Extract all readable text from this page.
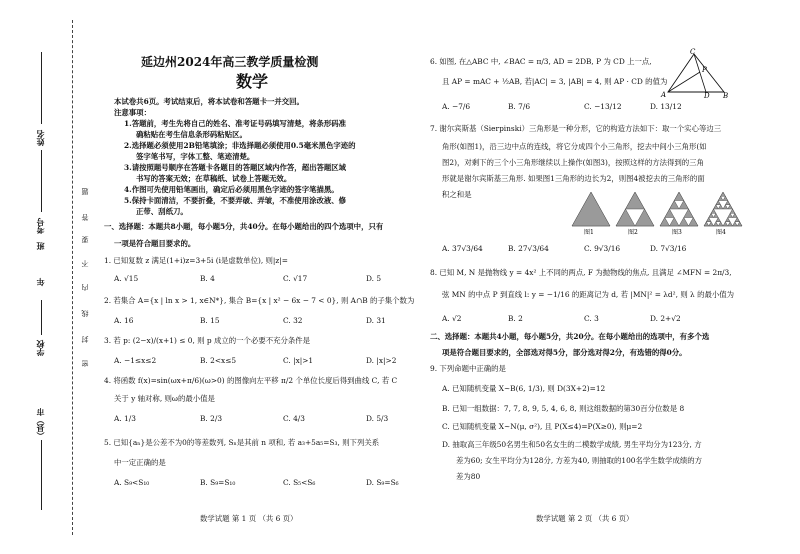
姓名
考号
班
年
学校
（县）市
题
答
要
不
内
线
封
密
延边州2024年高三教学质量检测
数学
本试卷共6页。考试结束后，将本试卷和答题卡一并交回。
注意事项：
1.答题前，考生先将自己的姓名、准考证号码填写清楚，将条形码准
确粘贴在考生信息条形码粘贴区。
2.选择题必须使用2B铅笔填涂；非选择题必须使用0.5毫米黑色字迹的
签字笔书写，字体工整、笔迹清楚。
3.请按照题号顺序在答题卡各题目的答题区域内作答，超出答题区域
书写的答案无效；在草稿纸、试卷上答题无效。
4.作图可先使用铅笔画出，确定后必须用黑色字迹的签字笔描黑。
5.保持卡面清洁，不要折叠，不要弄破、弄皱，不准使用涂改液、修
正带、刮纸刀。
一、选择题：本题共8小题，每小题5分，共40分。在每小题给出的四个选项中，只有
一项是符合题目要求的。
1. 已知复数 z 满足(1+i)z=3+5i (i是虚数单位), 则|z|=
A. √15	B. 4	C. √17	D. 5
2. 若集合 A={x | ln x > 1, x∈N*}, 集合 B={x | x² − 6x − 7 < 0}, 则 A∩B 的子集个数为
A. 16	B. 15	C. 32	D. 31
3. 若 p: (2−x)/(x+1) ≤ 0, 则 p 成立的一个必要不充分条件是
A. −1≤x≤2	B. 2<x≤5	C. |x|>1	D. |x|>2
4. 将函数 f(x)=sin(ωx+π/6)(ω>0) 的图像向左平移 π/2 个单位长度后得到曲线 C, 若 C
关于 y 轴对称, 则ω的最小值是
A. 1/3	B. 2/3	C. 4/3	D. 5/3
5. 已知{aₙ}是公差不为0的等差数列, Sₙ是其前 n 项和, 若 a₃+5a₅=S₃, 则下列关系
中一定正确的是
A. S₉<S₁₀	B. S₉=S₁₀	C. S₅<S₆	D. S₉=S₆
数学试题 第 1 页 （共 6 页）
6. 如图, 在△ABC 中, ∠BAC = π/3, AD = 2DB, P 为 CD 上一点,
且 AP = mAC + ½AB, 若|AC| = 3, |AB| = 4, 则 AP · CD 的值为
A. −7/6	B. 7/6	C. −13/12	D. 13/12
C
P
A	D B
7. 谢尔宾斯基（Sierpinski）三角形是一种分形，它的构造方法如下：取一个实心等边三
角形(如图1)，沿三边中点的连线，将它分成四个小三角形，挖去中间小三角形(如
图2)，对剩下的三个小三角形继续以上操作(如图3)，按照这样的方法得到的三角
形就是谢尔宾斯基三角形. 如果图1三角形的边长为2，则图4被挖去的三角形的面
积之和是
图1	图2	图3	图4
A. 37√3/64	B. 27√3/64	C. 9√3/16	D. 7√3/16
8. 已知 M, N 是抛物线 y = 4x² 上不同的两点, F 为抛物线的焦点, 且满足 ∠MFN = 2π/3,
弦 MN 的中点 P 到直线 l: y = −1/16 的距离记为 d, 若 |MN|² = λd², 则 λ 的最小值为
A. √2	B. 2	C. 3	D. 2+√2
二、选择题：本题共4小题，每小题5分，共20分。在每小题给出的选项中，有多个选
项是符合题目要求的，全部选对得5分，部分选对得2分，有选错的得0分。
9. 下列命题中正确的是
A. 已知随机变量 X~B(6, 1/3), 则 D(3X+2)=12
B. 已知一组数据：7, 7, 8, 9, 5, 4, 6, 8, 则这组数据的第30百分位数是 8
C. 已知随机变量 X~N(μ, σ²), 且 P(X≤4)=P(X≥0), 则μ=2
D. 抽取高三年级50名男生和50名女生的二模数学成绩, 男生平均分为123分, 方
差为60; 女生平均分为128分, 方差为40, 则抽取的100名学生数学成绩的方
差为80
数学试题 第 2 页 （共 6 页）
